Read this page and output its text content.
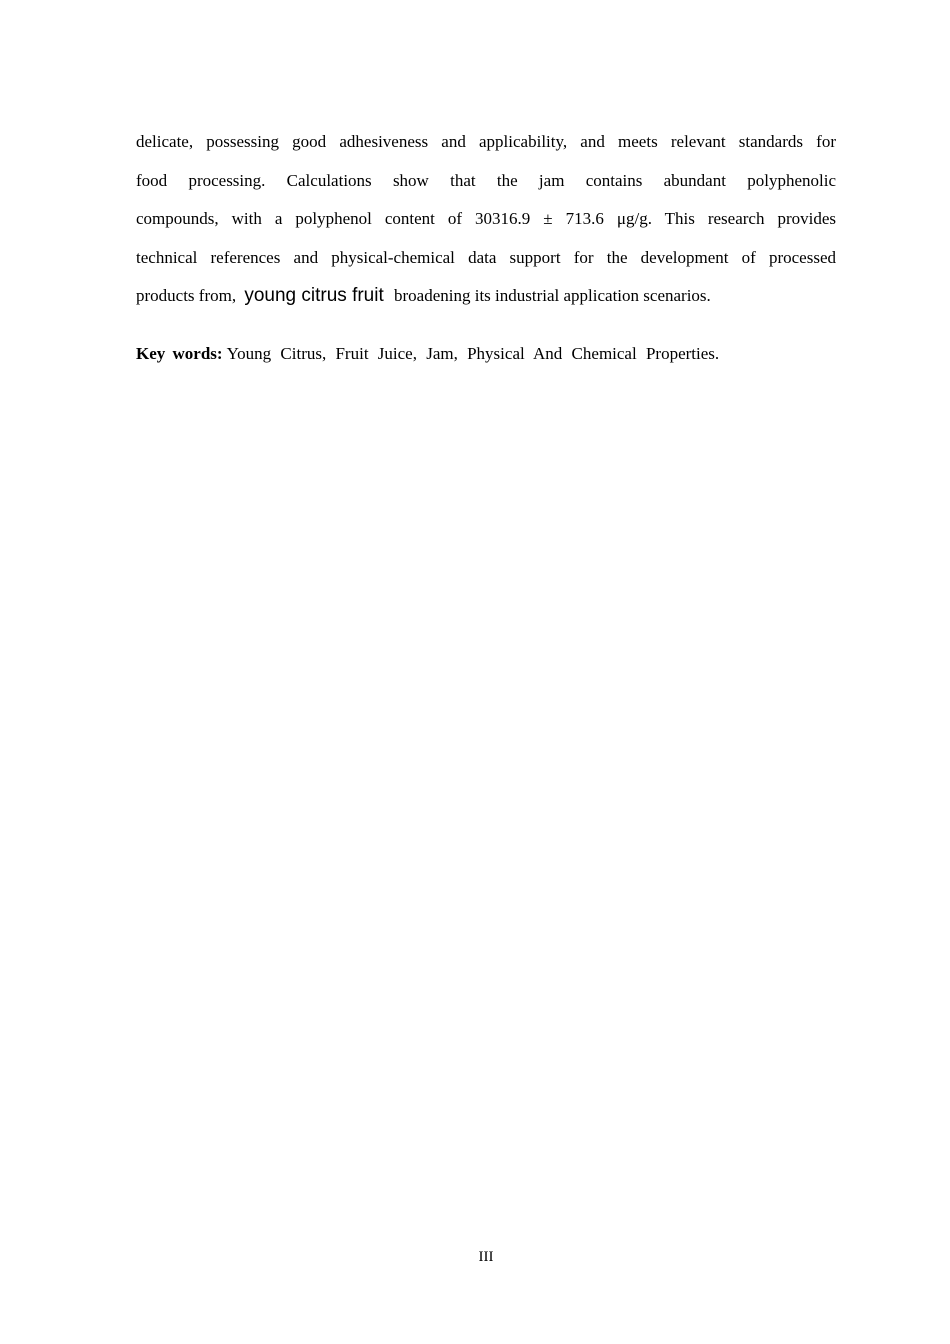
delicate, possessing good adhesiveness and applicability, and meets relevant standards for
food processing. Calculations show that the jam contains abundant polyphenolic
compounds, with a polyphenol content of 30316.9 ± 713.6 μg/g. This research provides
technical references and physical-chemical data support for the development of processed
products from, young citrus fruit broadening its industrial application scenarios.

Key words: Young Citrus, Fruit Juice, Jam, Physical And Chemical Properties.

III
